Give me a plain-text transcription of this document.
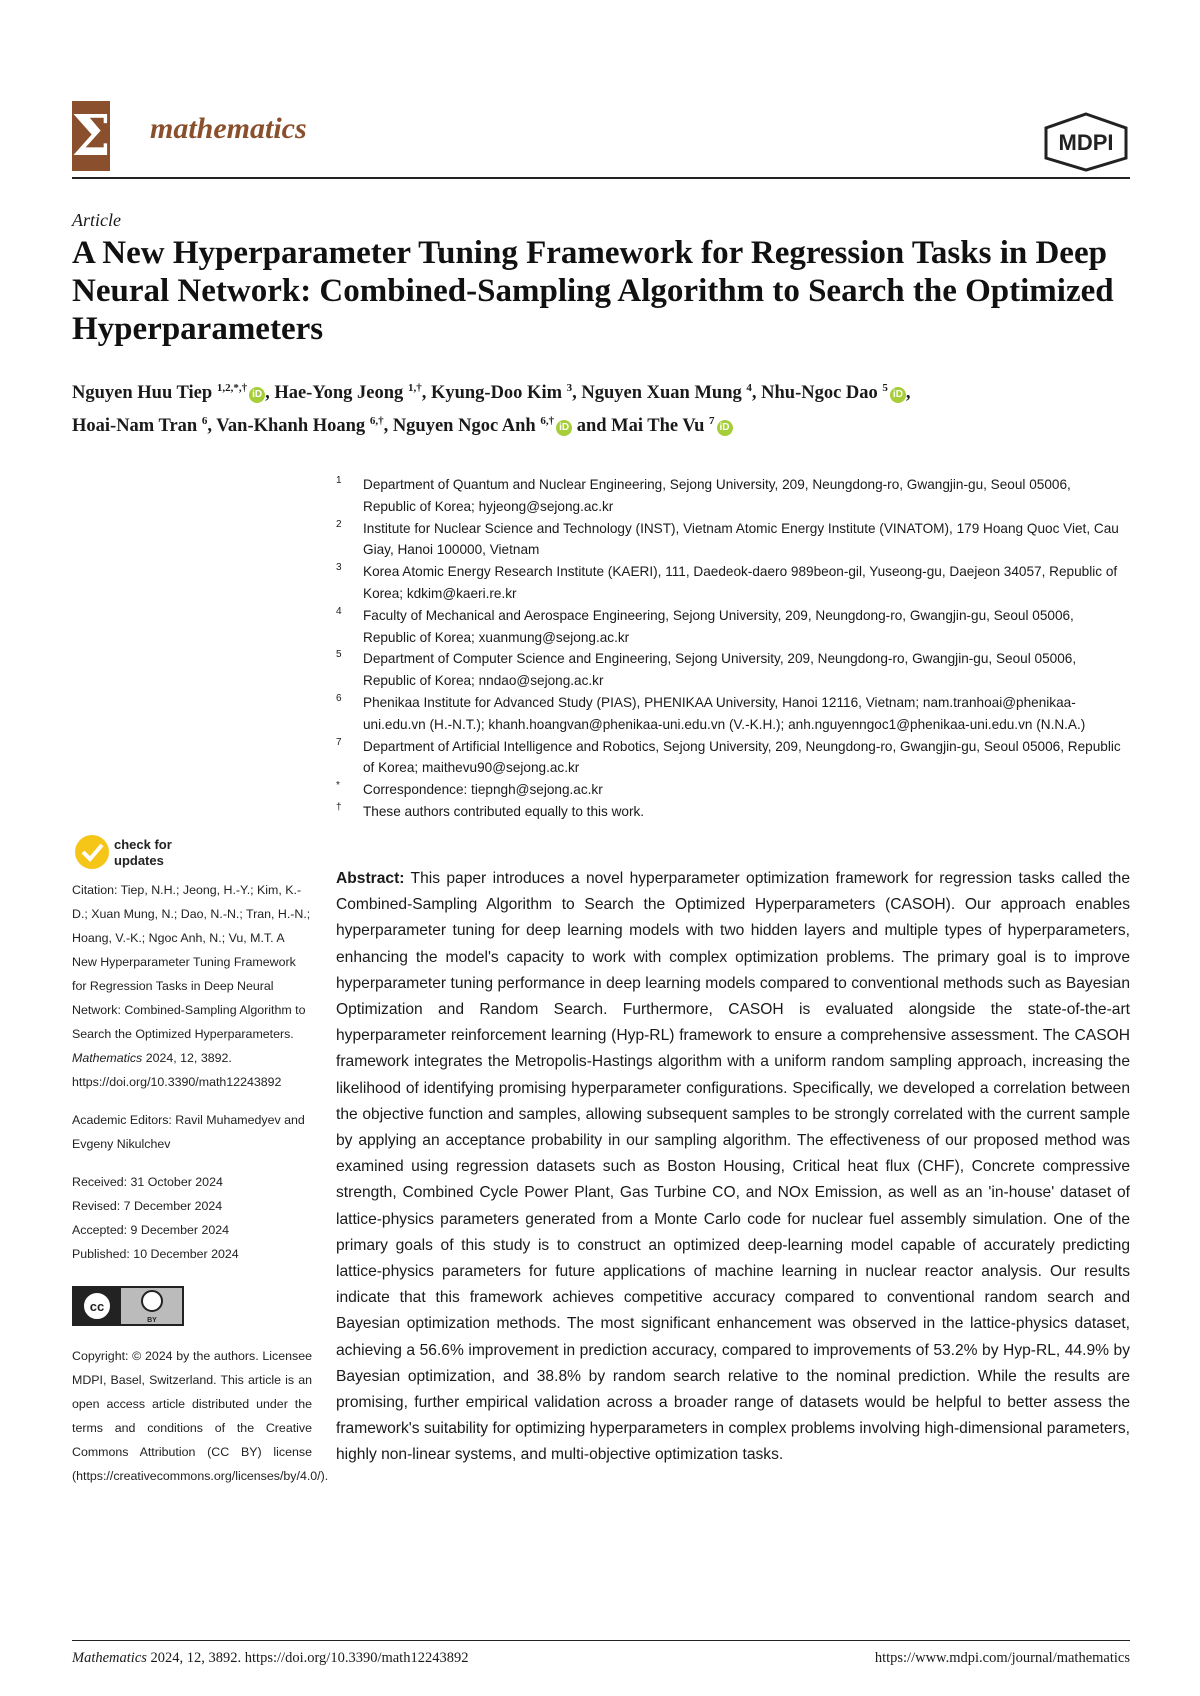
Σ mathematics	MDPI
Article
A New Hyperparameter Tuning Framework for Regression Tasks in Deep Neural Network: Combined-Sampling Algorithm to Search the Optimized Hyperparameters
Nguyen Huu Tiep $^{1,2,*,\dagger}$iD , Hae-Yong Jeong $^{1,\dagger}$, Kyung-Doo Kim $^3$, Nguyen Xuan Mung $^4$, Nhu-Ngoc Dao $^5$iD ,
Hoai-Nam Tran $^6$, Van-Khanh Hoang $^{6,\dagger}$, Nguyen Ngoc Anh $^{6,\dagger}$iD and Mai The Vu $^7$iD
1 Department of Quantum and Nuclear Engineering, Sejong University, 209, Neungdong-ro, Gwangjin-gu, Seoul 05006, Republic of Korea; hyjeong@sejong.ac.kr
2 Institute for Nuclear Science and Technology (INST), Vietnam Atomic Energy Institute (VINATOM), 179 Hoang Quoc Viet, Cau Giay, Hanoi 100000, Vietnam
3 Korea Atomic Energy Research Institute (KAERI), 111, Daedeok-daero 989beon-gil, Yuseong-gu, Daejeon 34057, Republic of Korea; kdkim@kaeri.re.kr
4 Faculty of Mechanical and Aerospace Engineering, Sejong University, 209, Neungdong-ro, Gwangjin-gu, Seoul 05006, Republic of Korea; xuanmung@sejong.ac.kr
5 Department of Computer Science and Engineering, Sejong University, 209, Neungdong-ro, Gwangjin-gu, Seoul 05006, Republic of Korea; nndao@sejong.ac.kr
6 Phenikaa Institute for Advanced Study (PIAS), PHENIKAA University, Hanoi 12116, Vietnam; nam.tranhoai@phenikaa-uni.edu.vn (H.-N.T.); khanh.hoangvan@phenikaa-uni.edu.vn (V.-K.H.); anh.nguyenngoc1@phenikaa-uni.edu.vn (N.N.A.)
7 Department of Artificial Intelligence and Robotics, Sejong University, 209, Neungdong-ro, Gwangjin-gu, Seoul 05006, Republic of Korea; maithevu90@sejong.ac.kr
* Correspondence: tiepngh@sejong.ac.kr
† These authors contributed equally to this work.
check for
updates

Citation: Tiep, N.H.; Jeong, H.-Y.; Kim, K.-D.; Xuan Mung, N.; Dao, N.-N.; Tran, H.-N.; Hoang, V.-K.; Ngoc Anh, N.; Vu, M.T. A New Hyperparameter Tuning Framework for Regression Tasks in Deep Neural Network: Combined-Sampling Algorithm to Search the Optimized Hyperparameters. Mathematics 2024, 12, 3892. https://doi.org/10.3390/math12243892

Academic Editors: Ravil Muhamedyev and Evgeny Nikulchev

Received: 31 October 2024
Revised: 7 December 2024
Accepted: 9 December 2024
Published: 10 December 2024
cc
BY

Copyright: © 2024 by the authors. Licensee MDPI, Basel, Switzerland. This article is an open access article distributed under the terms and conditions of the Creative Commons Attribution (CC BY) license (https://creativecommons.org/licenses/by/4.0/).

Abstract: This paper introduces a novel hyperparameter optimization framework for regression tasks called the Combined-Sampling Algorithm to Search the Optimized Hyperparameters (CASOH). Our approach enables hyperparameter tuning for deep learning models with two hidden layers and multiple types of hyperparameters, enhancing the model's capacity to work with complex optimization problems. The primary goal is to improve hyperparameter tuning performance in deep learning models compared to conventional methods such as Bayesian Optimization and Random Search. Furthermore, CASOH is evaluated alongside the state-of-the-art hyperparameter reinforcement learning (Hyp-RL) framework to ensure a comprehensive assessment. The CASOH framework integrates the Metropolis-Hastings algorithm with a uniform random sampling approach, increasing the likelihood of identifying promising hyperparameter configurations. Specifically, we developed a correlation between the objective function and samples, allowing subsequent samples to be strongly correlated with the current sample by applying an acceptance probability in our sampling algorithm. The effectiveness of our proposed method was examined using regression datasets such as Boston Housing, Critical heat flux (CHF), Concrete compressive strength, Combined Cycle Power Plant, Gas Turbine CO, and NOx Emission, as well as an 'in-house' dataset of lattice-physics parameters generated from a Monte Carlo code for nuclear fuel assembly simulation. One of the primary goals of this study is to construct an optimized deep-learning model capable of accurately predicting lattice-physics parameters for future applications of machine learning in nuclear reactor analysis. Our results indicate that this framework achieves competitive accuracy compared to conventional random search and Bayesian optimization methods. The most significant enhancement was observed in the lattice-physics dataset, achieving a 56.6% improvement in prediction accuracy, compared to improvements of 53.2% by Hyp-RL, 44.9% by Bayesian optimization, and 38.8% by random search relative to the nominal prediction. While the results are promising, further empirical validation across a broader range of datasets would be helpful to better assess the framework's suitability for optimizing hyperparameters in complex problems involving high-dimensional parameters, highly non-linear systems, and multi-objective optimization tasks.
Mathematics 2024, 12, 3892. https://doi.org/10.3390/math12243892	https://www.mdpi.com/journal/mathematics
